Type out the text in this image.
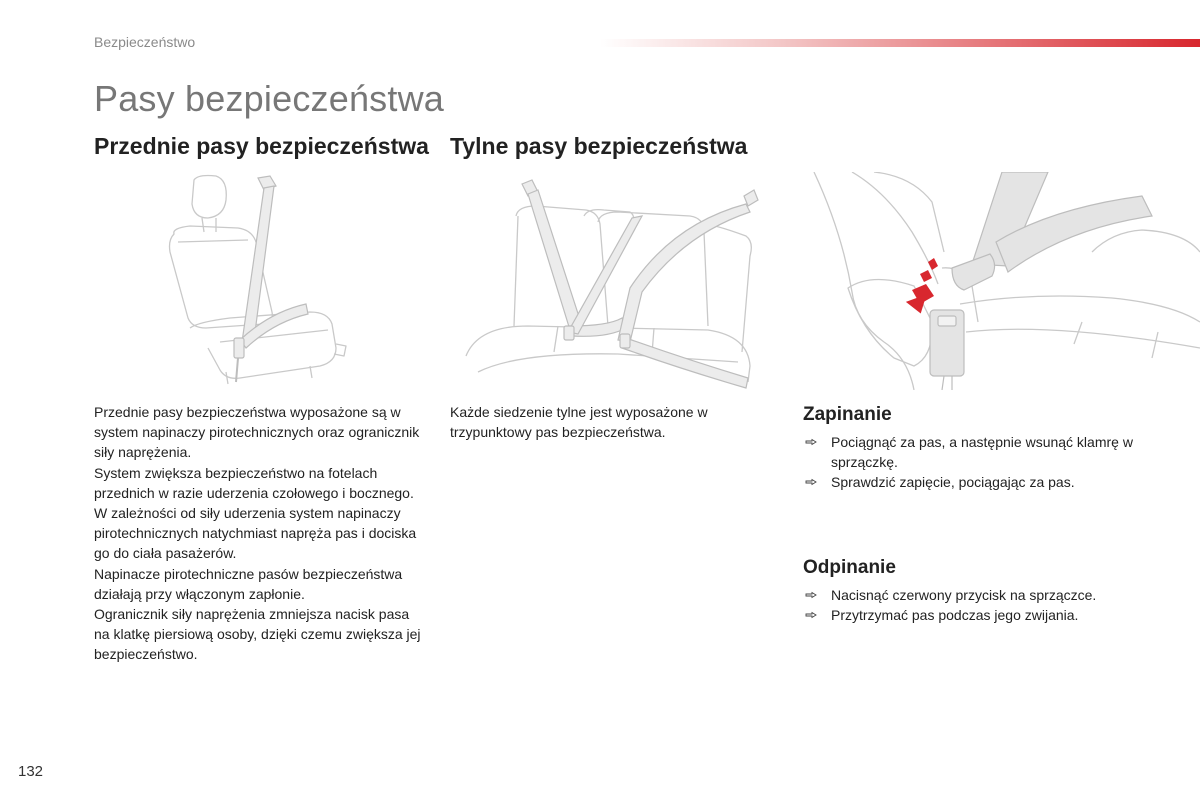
Bezpieczeństwo
Pasy bezpieczeństwa
Przednie pasy bezpieczeństwa Tylne pasy bezpieczeństwa

Przednie pasy bezpieczeństwa wyposażone są w system napinaczy pirotechnicznych oraz ogranicznik siły naprężenia.

System zwiększa bezpieczeństwo na fotelach przednich w razie uderzenia czołowego i bocznego. W zależności od siły uderzenia system napinaczy pirotechnicznych natychmiast napręża pas i dociska go do ciała pasażerów.

Napinacze pirotechniczne pasów bezpieczeństwa działają przy włączonym zapłonie.

Ogranicznik siły naprężenia zmniejsza nacisk pasa na klatkę piersiową osoby, dzięki czemu zwiększa jej bezpieczeństwo.

Każde siedzenie tylne jest wyposażone w trzypunktowy pas bezpieczeństwa.

Zapinanie
Pociągnąć za pas, a następnie wsunąć klamrę w sprzączkę.
Sprawdzić zapięcie, pociągając za pas.
Odpinanie
Nacisnąć czerwony przycisk na sprzączce.
Przytrzymać pas podczas jego zwijania.
132
